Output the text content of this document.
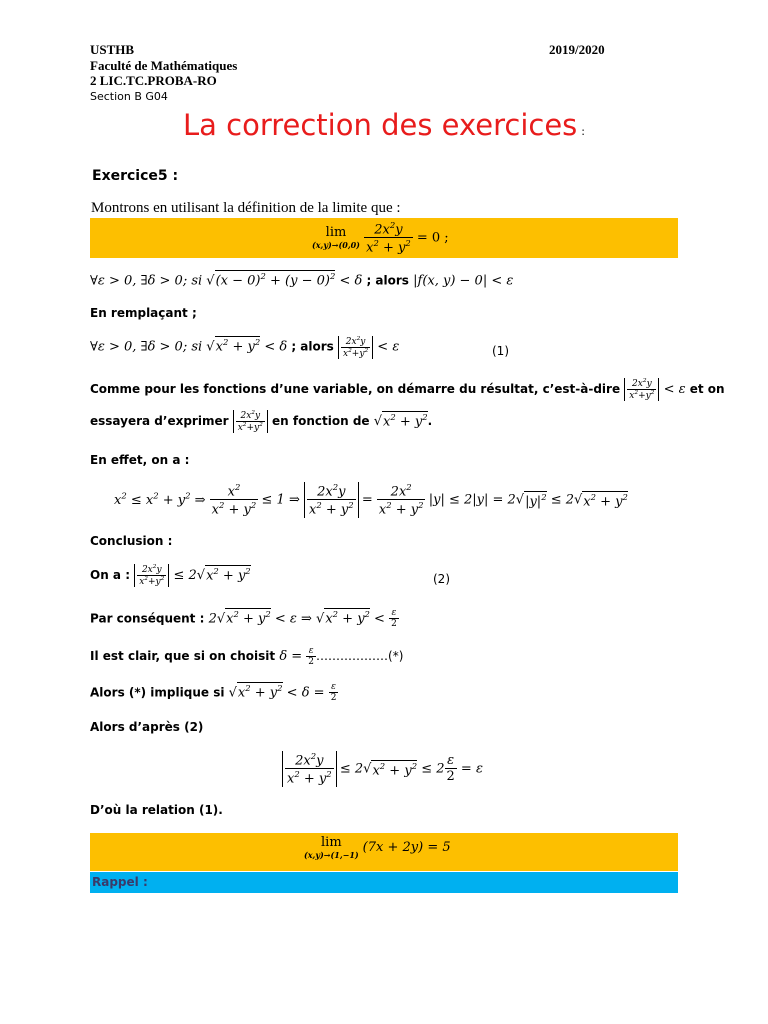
USTHB	2019/2020
Faculté de Mathématiques
2 LIC.TC.PROBA-RO
Section B G04
La correction des exercices :
Exercice5 :
Montrons en utilisant la définition de la limite que :
lim
(x,y)→(0,0)
$\frac{2x^2y}{x^2 + y^2} = 0$ ;
∀ε > 0, ∃δ > 0; si $√(x - 0)^2 + (y - 0)^2 < \delta$ ; alors |f(x, y) − 0| < ε
En remplaçant ;
∀ε > 0, ∃δ > 0; si $√x^2 + y^2 < \delta$ ; alors $\frac{2x^2y}{x^2+y^2} < \varepsilon$	(1)
Comme pour les fonctions d’une variable, on démarre du résultat, c’est-à-dire $\frac{2x^2y}{x^2+y^2} < \varepsilon$ et on
essayera d’exprimer $\frac{2x^2y}{x^2+y^2}$ en fonction de $√x^2 + y^2$.
En effet, on a :
$x^2 \le x^2 + y^2$ ⇒ $\frac{x^2}{x^2 + y^2} \le 1$ ⇒ $\frac{2x^2y}{x^2 + y^2} = \frac{2x^2}{x^2 + y^2} |y| \le 2|y| = 2√|y|^2 \le 2√x^2 + y^2$
Conclusion :
On a : $\frac{2x^2y}{x^2+y^2} \le 2√x^2 + y^2$
(2)
Par conséquent : $2√x^2 + y^2 < \varepsilon$ ⇒ $√x^2 + y^2 < \frac{\varepsilon}{2}$
Il est clair, que si on choisit $\delta = \frac{\varepsilon}{2}$ ………………(*)
Alors (*) implique si $√x^2 + y^2 < \delta = \frac{\varepsilon}{2}$
Alors d’après (2)
$\frac{2x^2y}{x^2 + y^2} \le 2√x^2 + y^2 \le 2 \frac{\varepsilon}{2} = \varepsilon$
D’où la relation (1).
lim
(x,y)→(1,−1) (7x + 2y) = 5
Rappel :
